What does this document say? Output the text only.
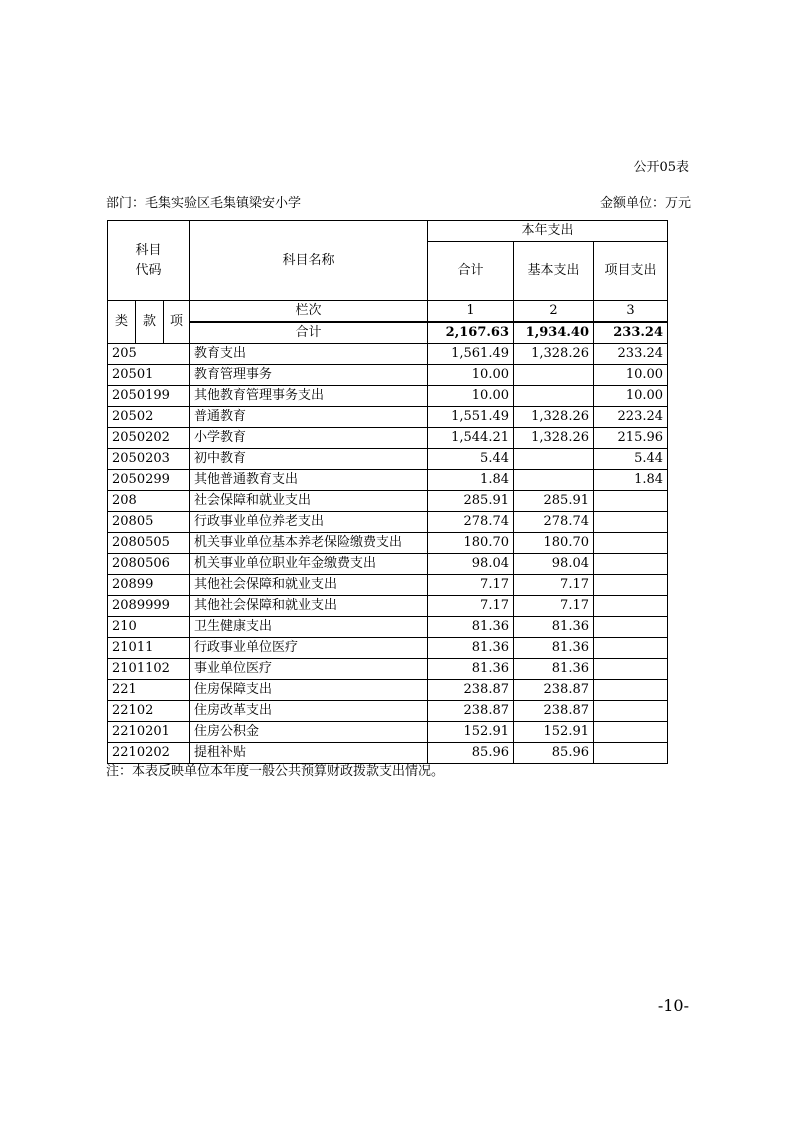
公开05表
部门：毛集实验区毛集镇梁安小学	金额单位：万元
科目
代码			科目名称	本年支出		
				合计	基本支出	项目支出
类	款	项	栏次	1	2	3
			合计	2,167.63	1,934.40	233.24
205			教育支出	1,561.49	1,328.26	233.24
20501			教育管理事务	10.00		10.00
2050199			其他教育管理事务支出	10.00		10.00
20502			普通教育	1,551.49	1,328.26	223.24
2050202			小学教育	1,544.21	1,328.26	215.96
2050203			初中教育	5.44		5.44
2050299			其他普通教育支出	1.84		1.84
208			社会保障和就业支出	285.91	285.91	
20805			行政事业单位养老支出	278.74	278.74	
2080505			机关事业单位基本养老保险缴费支出	180.70	180.70	
2080506			机关事业单位职业年金缴费支出	98.04	98.04	
20899			其他社会保障和就业支出	7.17	7.17	
2089999			其他社会保障和就业支出	7.17	7.17	
210			卫生健康支出	81.36	81.36	
21011			行政事业单位医疗	81.36	81.36	
2101102			事业单位医疗	81.36	81.36	
221			住房保障支出	238.87	238.87	
22102			住房改革支出	238.87	238.87	
2210201			住房公积金	152.91	152.91	
2210202			提租补贴	85.96	85.96	
注：本表反映单位本年度一般公共预算财政拨款支出情况。
-10-
